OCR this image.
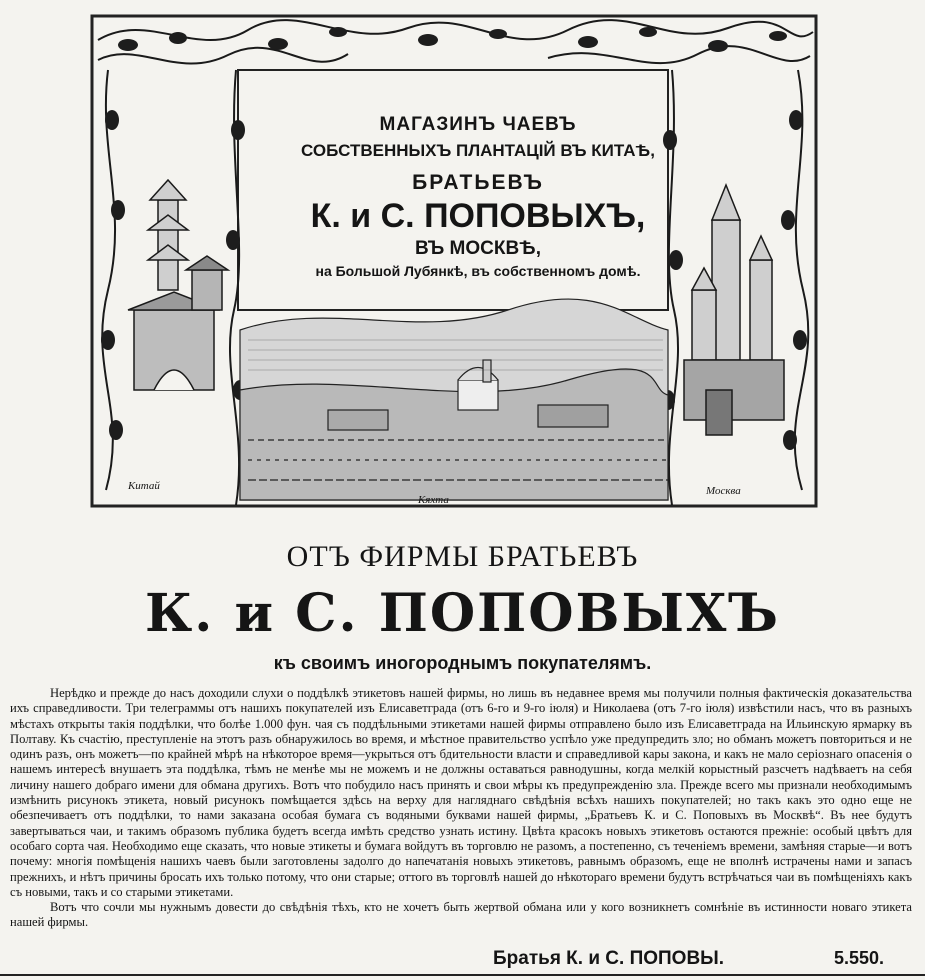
МАГАЗИНЪ ЧАЕВЪ
СОБСТВЕННЫХЪ ПЛАНТАЦІЙ ВЪ КИТАѢ,
БРАТЬЕВЪ
К. и С. ПОПОВЫХЪ,
ВЪ МОСКВѢ,
на Большой Лубянкѣ, въ собственномъ домѣ.
Китай
Кяхта
Москва
ОТЪ ФИРМЫ БРАТЬЕВЪ
К. и С. ПОПОВЫХЪ
къ своимъ иногороднымъ покупателямъ.

Нерѣдко и прежде до насъ доходили слухи о поддѣлкѣ этикетовъ нашей фирмы, но лишь въ недавнее время мы получили полныя фактическія доказательства ихъ справедливости. Три телеграммы отъ нашихъ покупателей изъ Елисаветграда (отъ 6-го и 9-го іюля) и Николаева (отъ 7-го іюля) извѣстили насъ, что въ разныхъ мѣстахъ открыты такія поддѣлки, что болѣе 1.000 фун. чая съ поддѣльными этикетами нашей фирмы отправлено было изъ Елисаветграда на Ильинскую ярмарку въ Полтаву. Къ счастію, преступленіе на этотъ разъ обнаружилось во время, и мѣстное правительство успѣло уже предупредить зло; но обманъ можетъ повториться и не одинъ разъ, онъ можетъ—по крайней мѣрѣ на нѣкоторое время—укрыться отъ бдительности власти и справедливой кары закона, и какъ не мало серіознаго опасенія о нашемъ интересѣ внушаетъ эта поддѣлка, тѣмъ не менѣе мы не можемъ и не должны оставаться равнодушны, когда мелкій корыстный разсчетъ надѣваетъ на себя личину нашего добраго имени для обмана другихъ. Вотъ что побудило насъ принять и свои мѣры къ предупрежденію зла. Прежде всего мы признали необходимымъ измѣнить рисунокъ этикета, новый рисунокъ помѣщается здѣсь на верху для нагляднаго свѣдѣнія всѣхъ нашихъ покупателей; но такъ какъ это одно еще не обезпечиваетъ отъ поддѣлки, то нами заказана особая бумага съ водяными буквами нашей фирмы, „Братьевъ К. и С. Поповыхъ въ Москвѣ“. Въ нее будутъ завертываться чаи, и такимъ образомъ публика будетъ всегда имѣть средство узнать истину. Цвѣта красокъ новыхъ этикетовъ остаются прежніе: особый цвѣтъ для особаго сорта чая. Необходимо еще сказать, что новые этикеты и бумага войдутъ въ торговлю не разомъ, а постепенно, съ теченіемъ времени, замѣняя старые—и вотъ почему: многія помѣщенія нашихъ чаевъ были заготовлены задолго до напечатанія новыхъ этикетовъ, равнымъ образомъ, еще не вполнѣ истрачены нами и запасъ прежнихъ, и нѣтъ причины бросать ихъ только потому, что они старые; оттого въ торговлѣ нашей до нѣкотораго времени будутъ встрѣчаться чаи въ помѣщеніяхъ какъ съ новыми, такъ и со старыми этикетами.

Вотъ что сочли мы нужнымъ довести до свѣдѣнія тѣхъ, кто не хочетъ быть жертвой обмана или у кого возникнетъ сомнѣніе въ истинности новаго этикета нашей фирмы.

Братья К. и С. ПОПОВЫ.	5.550.
